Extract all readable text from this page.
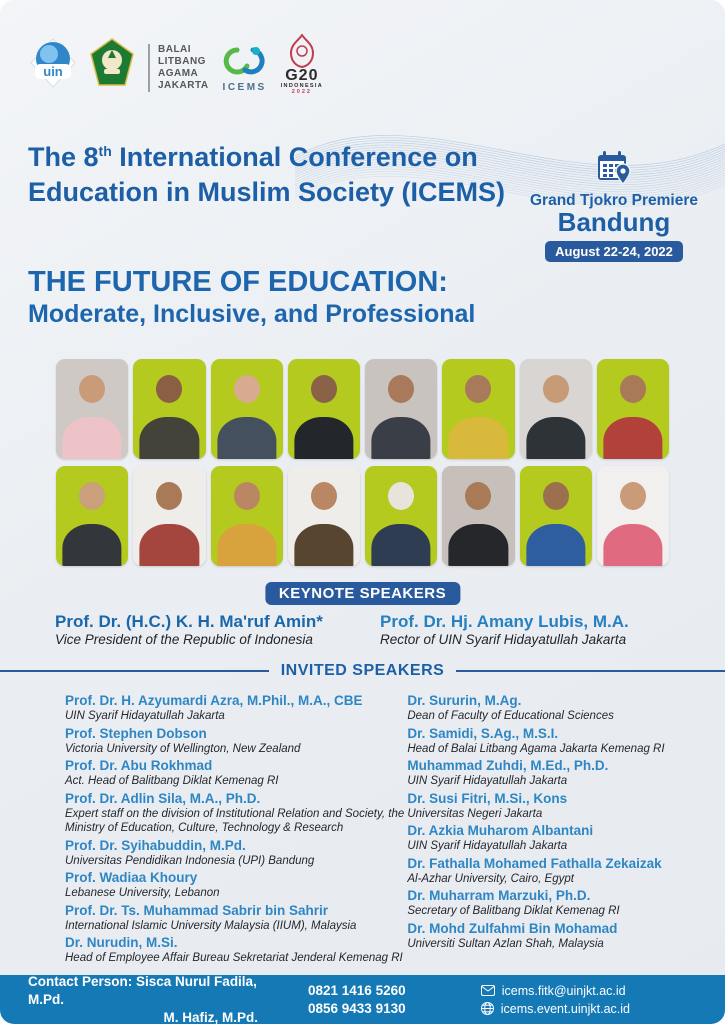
uin
BALAI
LITBANG
AGAMA
JAKARTA ICEMS
G20
INDONESIA
2022
The 8th International Conference on Education in Muslim Society (ICEMS)	Grand Tjokro Premiere
Bandung
August 22-24, 2022
THE FUTURE OF EDUCATION:
Moderate, Inclusive, and Professional
KEYNOTE SPEAKERS
Prof. Dr. (H.C.) K. H. Ma'ruf Amin*
Vice President of the Republic of Indonesia
Prof. Dr. Hj. Amany Lubis, M.A.
Rector of UIN Syarif Hidayatullah Jakarta
INVITED SPEAKERS
Prof. Dr. H. Azyumardi Azra, M.Phil., M.A., CBE
UIN Syarif Hidayatullah Jakarta
Prof. Stephen Dobson
Victoria University of Wellington, New Zealand
Prof. Dr. Abu Rokhmad
Act. Head of Balitbang Diklat Kemenag RI
Prof. Dr. Adlin Sila, M.A., Ph.D.
Expert staff on the division of Institutional Relation and Society, the Ministry of Education, Culture, Technology & Research
Prof. Dr. Syihabuddin, M.Pd.
Universitas Pendidikan Indonesia (UPI) Bandung
Prof. Wadiaa Khoury
Lebanese University, Lebanon
Prof. Dr. Ts. Muhammad Sabrir bin Sahrir
International Islamic University Malaysia (IIUM), Malaysia
Dr. Nurudin, M.Si.
Head of Employee Affair Bureau Sekretariat Jenderal Kemenag RI
Dr. Sururin, M.Ag.
Dean of Faculty of Educational Sciences
Dr. Samidi, S.Ag., M.S.I.
Head of Balai Litbang Agama Jakarta Kemenag RI
Muhammad Zuhdi, M.Ed., Ph.D.
UIN Syarif Hidayatullah Jakarta
Dr. Susi Fitri, M.Si., Kons
Universitas Negeri Jakarta
Dr. Azkia Muharom Albantani
UIN Syarif Hidayatullah Jakarta
Dr. Fathalla Mohamed Fathalla Zekaizak
Al-Azhar University, Cairo, Egypt
Dr. Muharram Marzuki, Ph.D.
Secretary of Balitbang Diklat Kemenag RI
Dr. Mohd Zulfahmi Bin Mohamad
Universiti Sultan Azlan Shah, Malaysia
Contact Person: Sisca Nurul Fadila, M.Pd.
M. Hafiz, M.Pd.
0821 1416 5260
0856 9433 9130
icems.fitk@uinjkt.ac.id
icems.event.uinjkt.ac.id
